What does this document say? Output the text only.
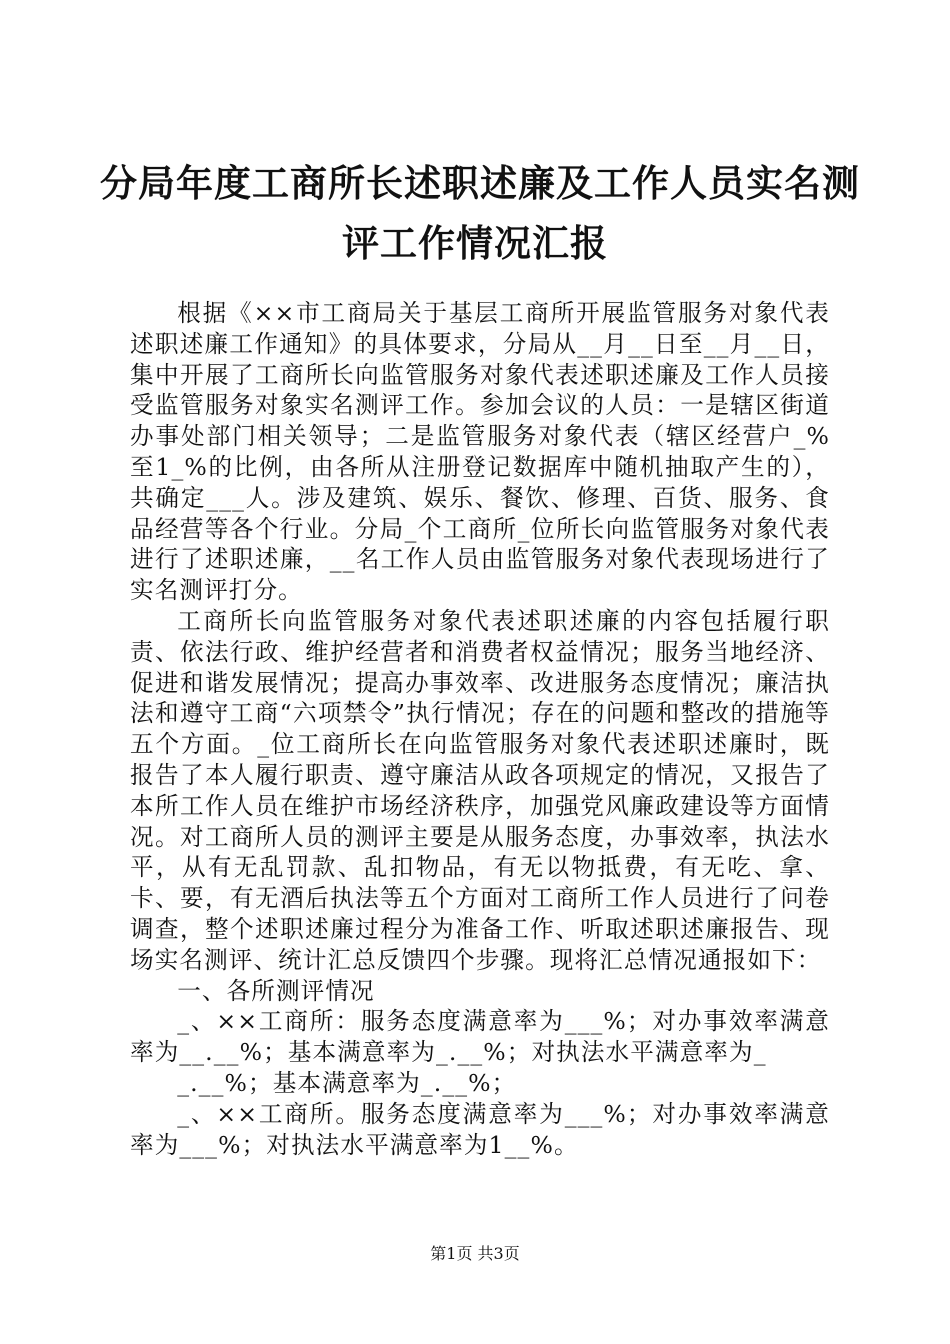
分局年度工商所长述职述廉及工作人员实名测
评工作情况汇报

根据《××市工商局关于基层工商所开展监管服务对象代表述职述廉工作通知》的具体要求，分局从__月__日至__月__日，集中开展了工商所长向监管服务对象代表述职述廉及工作人员接受监管服务对象实名测评工作。参加会议的人员：一是辖区街道办事处部门相关领导；二是监管服务对象代表（辖区经营户_%至1_%的比例，由各所从注册登记数据库中随机抽取产生的），共确定___人。涉及建筑、娱乐、餐饮、修理、百货、服务、食品经营等各个行业。分局_个工商所_位所长向监管服务对象代表进行了述职述廉，__名工作人员由监管服务对象代表现场进行了实名测评打分。

工商所长向监管服务对象代表述职述廉的内容包括履行职责、依法行政、维护经营者和消费者权益情况；服务当地经济、促进和谐发展情况；提高办事效率、改进服务态度情况；廉洁执法和遵守工商“六项禁令”执行情况；存在的问题和整改的措施等五个方面。_位工商所长在向监管服务对象代表述职述廉时，既报告了本人履行职责、遵守廉洁从政各项规定的情况，又报告了本所工作人员在维护市场经济秩序，加强党风廉政建设等方面情况。对工商所人员的测评主要是从服务态度，办事效率，执法水平，从有无乱罚款、乱扣物品，有无以物抵费，有无吃、拿、卡、要，有无酒后执法等五个方面对工商所工作人员进行了问卷调查，整个述职述廉过程分为准备工作、听取述职述廉报告、现场实名测评、统计汇总反馈四个步骤。现将汇总情况通报如下：

一、各所测评情况

_、××工商所：服务态度满意率为___%；对办事效率满意率为__.__%；基本满意率为_.__%；对执法水平满意率为_

_.__%；基本满意率为_.__%；

_、××工商所。服务态度满意率为___%；对办事效率满意率为___%；对执法水平满意率为1__%。

第1页 共3页
